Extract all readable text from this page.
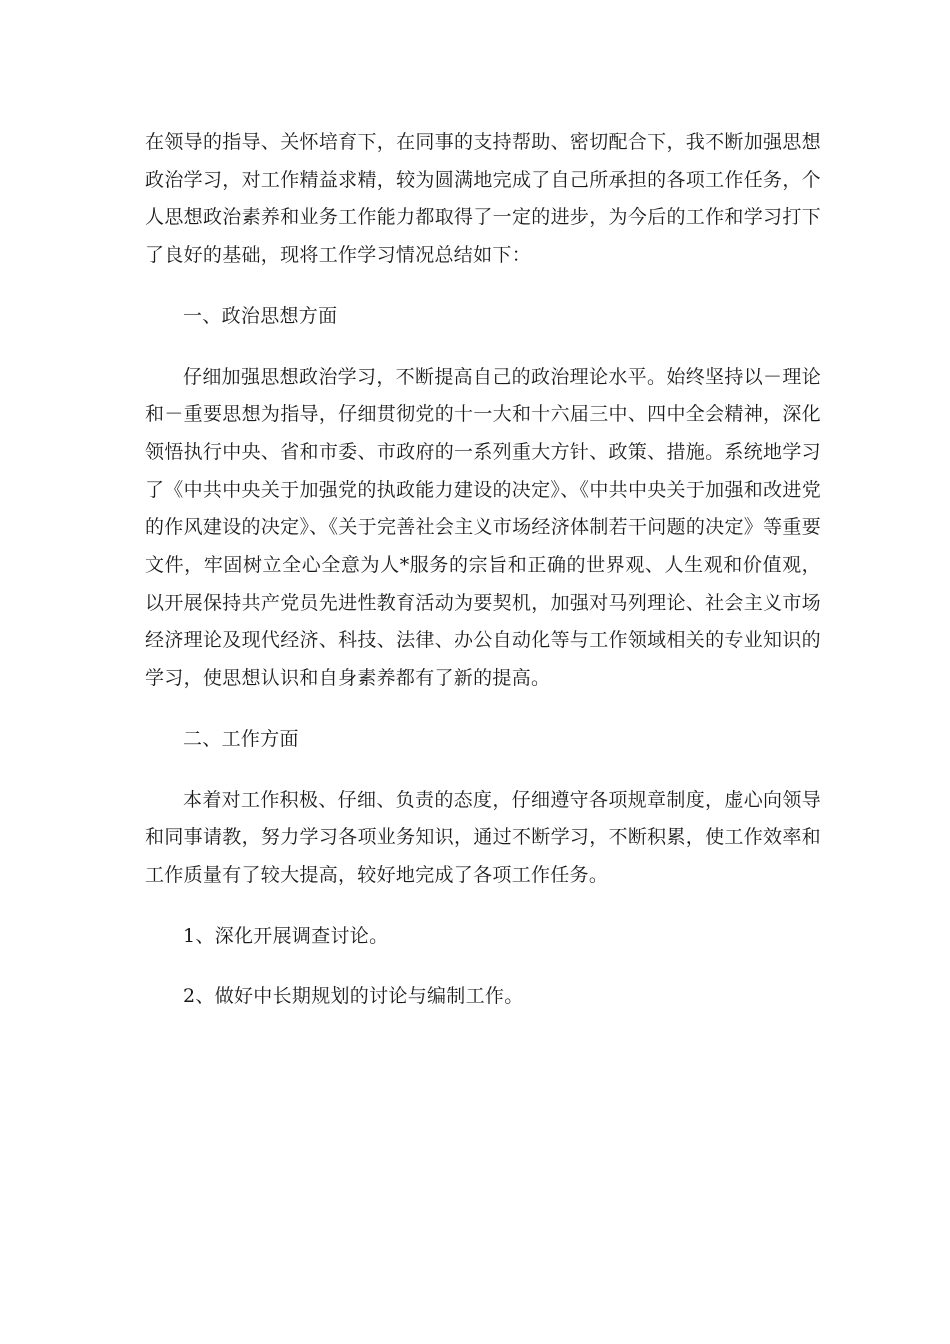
在领导的指导、关怀培育下，在同事的支持帮助、密切配合下，我不断加强思想政治学习，对工作精益求精，较为圆满地完成了自己所承担的各项工作任务，个人思想政治素养和业务工作能力都取得了一定的进步，为今后的工作和学习打下了良好的基础，现将工作学习情况总结如下：

一、政治思想方面

仔细加强思想政治学习，不断提高自己的政治理论水平。始终坚持以－理论和－重要思想为指导，仔细贯彻党的十一大和十六届三中、四中全会精神，深化领悟执行中央、省和市委、市政府的一系列重大方针、政策、措施。系统地学习了《中共中央关于加强党的执政能力建设的决定》、《中共中央关于加强和改进党的作风建设的决定》、《关于完善社会主义市场经济体制若干问题的决定》等重要文件，牢固树立全心全意为人*服务的宗旨和正确的世界观、人生观和价值观，以开展保持共产党员先进性教育活动为要契机，加强对马列理论、社会主义市场经济理论及现代经济、科技、法律、办公自动化等与工作领域相关的专业知识的学习，使思想认识和自身素养都有了新的提高。

二、工作方面

本着对工作积极、仔细、负责的态度，仔细遵守各项规章制度，虚心向领导和同事请教，努力学习各项业务知识，通过不断学习，不断积累，使工作效率和工作质量有了较大提高，较好地完成了各项工作任务。

1、深化开展调查讨论。

2、做好中长期规划的讨论与编制工作。
